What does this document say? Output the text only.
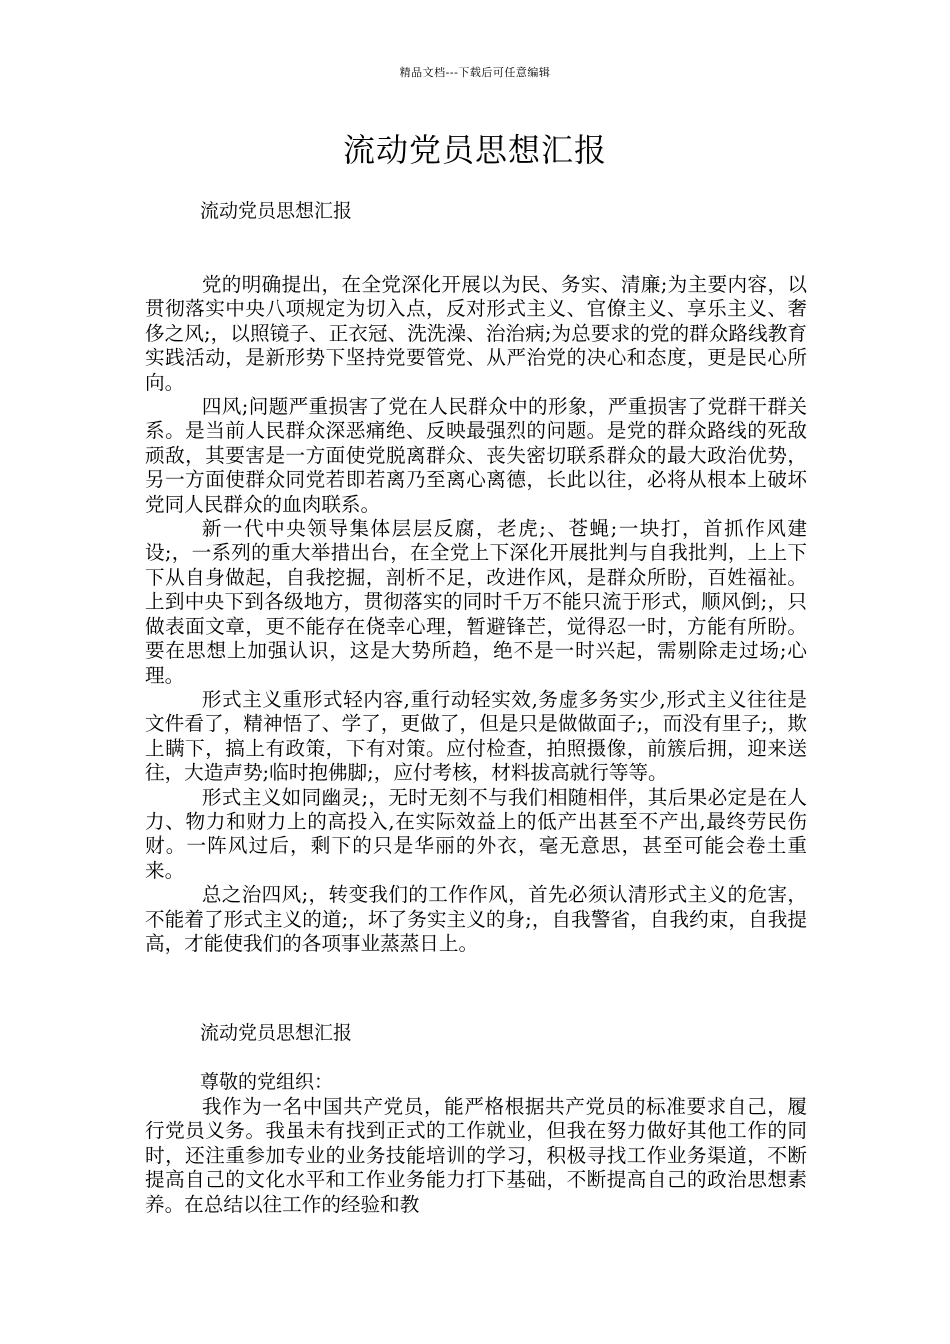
精品文档---下载后可任意编辑
流动党员思想汇报
流动党员思想汇报

党的明确提出，在全党深化开展以为民、务实、清廉;为主要内容，以贯彻落实中央八项规定为切入点，反对形式主义、官僚主义、享乐主义、奢侈之风;，以照镜子、正衣冠、洗洗澡、治治病;为总要求的党的群众路线教育实践活动，是新形势下坚持党要管党、从严治党的决心和态度，更是民心所向。

四风;问题严重损害了党在人民群众中的形象，严重损害了党群干群关系。是当前人民群众深恶痛绝、反映最强烈的问题。是党的群众路线的死敌顽敌，其要害是一方面使党脱离群众、丧失密切联系群众的最大政治优势，另一方面使群众同党若即若离乃至离心离德，长此以往，必将从根本上破坏党同人民群众的血肉联系。

新一代中央领导集体层层反腐，老虎;、苍蝇;一块打，首抓作风建设;，一系列的重大举措出台，在全党上下深化开展批判与自我批判，上上下下从自身做起，自我挖掘，剖析不足，改进作风，是群众所盼，百姓福祉。上到中央下到各级地方，贯彻落实的同时千万不能只流于形式，顺风倒;，只做表面文章，更不能存在侥幸心理，暂避锋芒，觉得忍一时，方能有所盼。要在思想上加强认识，这是大势所趋，绝不是一时兴起，需剔除走过场;心理。

形式主义重形式轻内容,重行动轻实效,务虚多务实少,形式主义往往是文件看了，精神悟了、学了，更做了，但是只是做做面子;，而没有里子;，欺上瞒下，搞上有政策，下有对策。应付检查，拍照摄像，前簇后拥，迎来送往，大造声势;临时抱佛脚;，应付考核，材料拔高就行等等。

形式主义如同幽灵;，无时无刻不与我们相随相伴，其后果必定是在人力、物力和财力上的高投入,在实际效益上的低产出甚至不产出,最终劳民伤财。一阵风过后，剩下的只是华丽的外衣，毫无意思，甚至可能会卷土重来。

总之治四风;，转变我们的工作作风，首先必须认清形式主义的危害，不能着了形式主义的道;，坏了务实主义的身;，自我警省，自我约束，自我提高，才能使我们的各项事业蒸蒸日上。

流动党员思想汇报
尊敬的党组织：

我作为一名中国共产党员，能严格根据共产党员的标准要求自己，履行党员义务。我虽未有找到正式的工作就业，但我在努力做好其他工作的同时，还注重参加专业的业务技能培训的学习，积极寻找工作业务渠道，不断提高自己的文化水平和工作业务能力打下基础，不断提高自己的政治思想素养。在总结以往工作的经验和教
